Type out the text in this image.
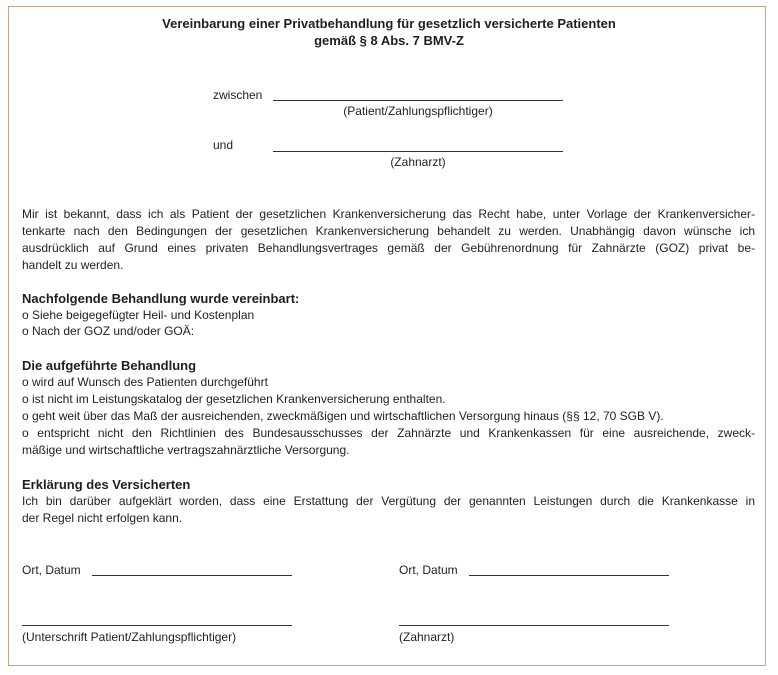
Vereinbarung einer Privatbehandlung für gesetzlich versicherte Patienten
gemäß § 8 Abs. 7 BMV-Z
zwischen
(Patient/Zahlungspflichtiger)
und
(Zahnarzt)
Mir ist bekannt, dass ich als Patient der gesetzlichen Krankenversicherung das Recht habe, unter Vorlage der Krankenversicher-
tenkarte nach den Bedingungen der gesetzlichen Krankenversicherung behandelt zu werden. Unabhängig davon wünsche ich
ausdrücklich auf Grund eines privaten Behandlungsvertrages gemäß der Gebührenordnung für Zahnärzte (GOZ) privat be-
handelt zu werden.
Nachfolgende Behandlung wurde vereinbart:
o Siehe beigegefügter Heil- und Kostenplan
o Nach der GOZ und/oder GOÄ:
Die aufgeführte Behandlung
o wird auf Wunsch des Patienten durchgeführt
o ist nicht im Leistungskatalog der gesetzlichen Krankenversicherung enthalten.
o geht weit über das Maß der ausreichenden, zweckmäßigen und wirtschaftlichen Versorgung hinaus (§§ 12, 70 SGB V).
o entspricht nicht den Richtlinien des Bundesausschusses der Zahnärzte und Krankenkassen für eine ausreichende, zweck-
mäßige und wirtschaftliche vertragszahnärztliche Versorgung.
Erklärung des Versicherten
Ich bin darüber aufgeklärt worden, dass eine Erstattung der Vergütung der genannten Leistungen durch die Krankenkasse in
der Regel nicht erfolgen kann.
Ort, Datum	Ort, Datum
(Unterschrift Patient/Zahlungspflichtiger)	(Zahnarzt)
